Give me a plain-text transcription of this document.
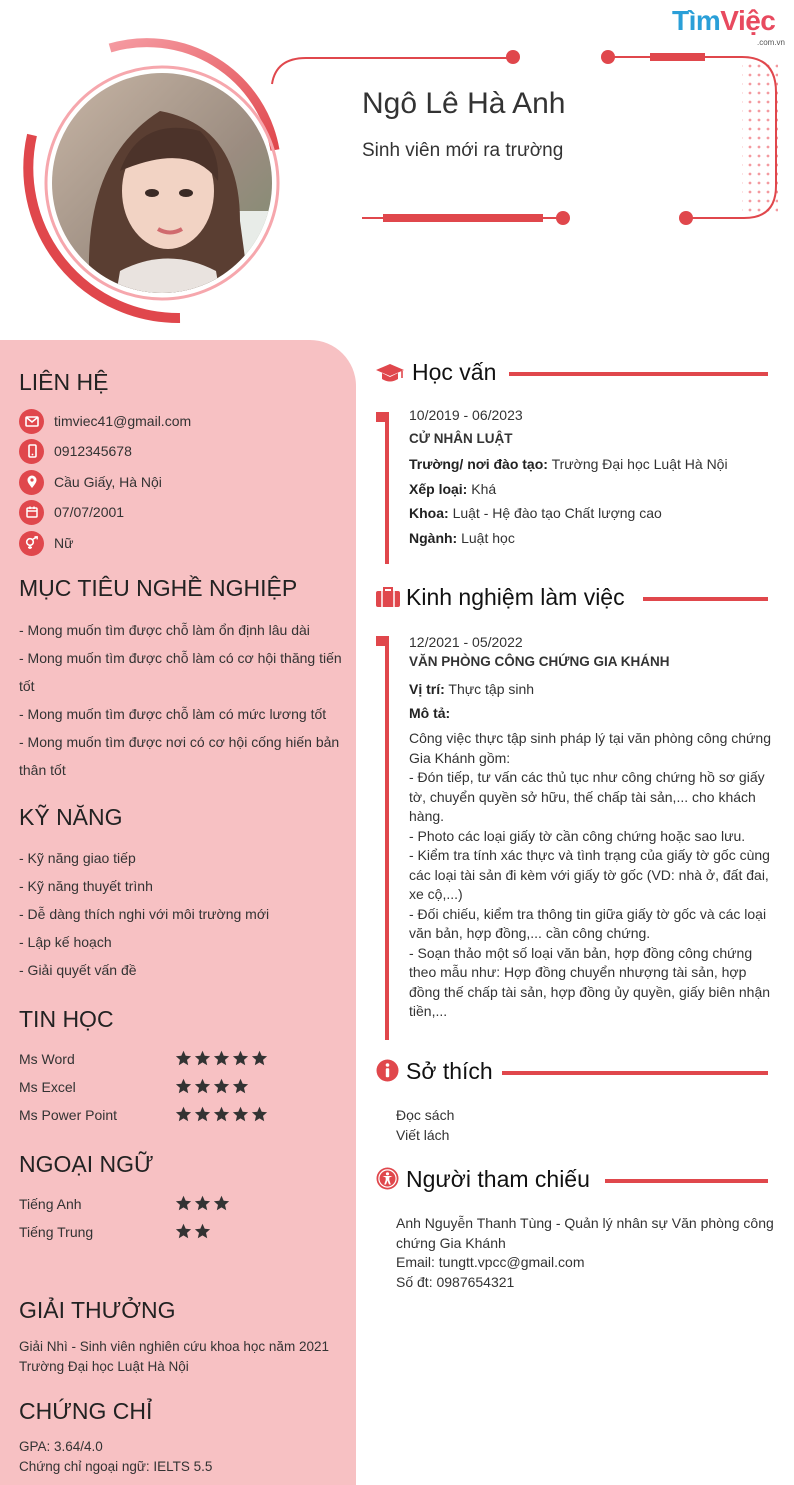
TìmViệc
.com.vn
Ngô Lê Hà Anh
Sinh viên mới ra trường
LIÊN HỆ
timviec41@gmail.com
0912345678
Cầu Giấy, Hà Nội
07/07/2001
Nữ
MỤC TIÊU NGHỀ NGHIỆP
- Mong muốn tìm được chỗ làm ổn định lâu dài
- Mong muốn tìm được chỗ làm có cơ hội thăng tiến
tốt
- Mong muốn tìm được chỗ làm có mức lương tốt
- Mong muốn tìm được nơi có cơ hội cống hiến bản
thân tốt
KỸ NĂNG
- Kỹ năng giao tiếp
- Kỹ năng thuyết trình
- Dễ dàng thích nghi với môi trường mới
- Lập kế hoạch
- Giải quyết vấn đề
TIN HỌC
Ms Word
Ms Excel
Ms Power Point
NGOẠI NGỮ
Tiếng Anh
Tiếng Trung
GIẢI THƯỞNG
Giải Nhì - Sinh viên nghiên cứu khoa học năm 2021
Trường Đại học Luật Hà Nội
CHỨNG CHỈ
GPA: 3.64/4.0
Chứng chỉ ngoại ngữ: IELTS 5.5
Học vấn
10/2019 - 06/2023
CỬ NHÂN LUẬT
Trường/ nơi đào tạo: Trường Đại học Luật Hà Nội
Xếp loại: Khá
Khoa: Luật - Hệ đào tạo Chất lượng cao
Ngành: Luật học
Kinh nghiệm làm việc
12/2021 - 05/2022
VĂN PHÒNG CÔNG CHỨNG GIA KHÁNH
Vị trí: Thực tập sinh
Mô tả:
Công việc thực tập sinh pháp lý tại văn phòng công chứng
Gia Khánh gồm:
- Đón tiếp, tư vấn các thủ tục như công chứng hồ sơ giấy
tờ, chuyển quyền sở hữu, thế chấp tài sản,... cho khách
hàng.
- Photo các loại giấy tờ cần công chứng hoặc sao lưu.
- Kiểm tra tính xác thực và tình trạng của giấy tờ gốc cùng
các loại tài sản đi kèm với giấy tờ gốc (VD: nhà ở, đất đai,
xe cộ,...)
- Đối chiếu, kiểm tra thông tin giữa giấy tờ gốc và các loại
văn bản, hợp đồng,... cần công chứng.
- Soạn thảo một số loại văn bản, hợp đồng công chứng
theo mẫu như: Hợp đồng chuyển nhượng tài sản, hợp
đồng thế chấp tài sản, hợp đồng ủy quyền, giấy biên nhận
tiền,...
Sở thích
Đọc sách
Viết lách
Người tham chiếu
Anh Nguyễn Thanh Tùng - Quản lý nhân sự Văn phòng công
chứng Gia Khánh
Email: tungtt.vpcc@gmail.com
Số đt: 0987654321
